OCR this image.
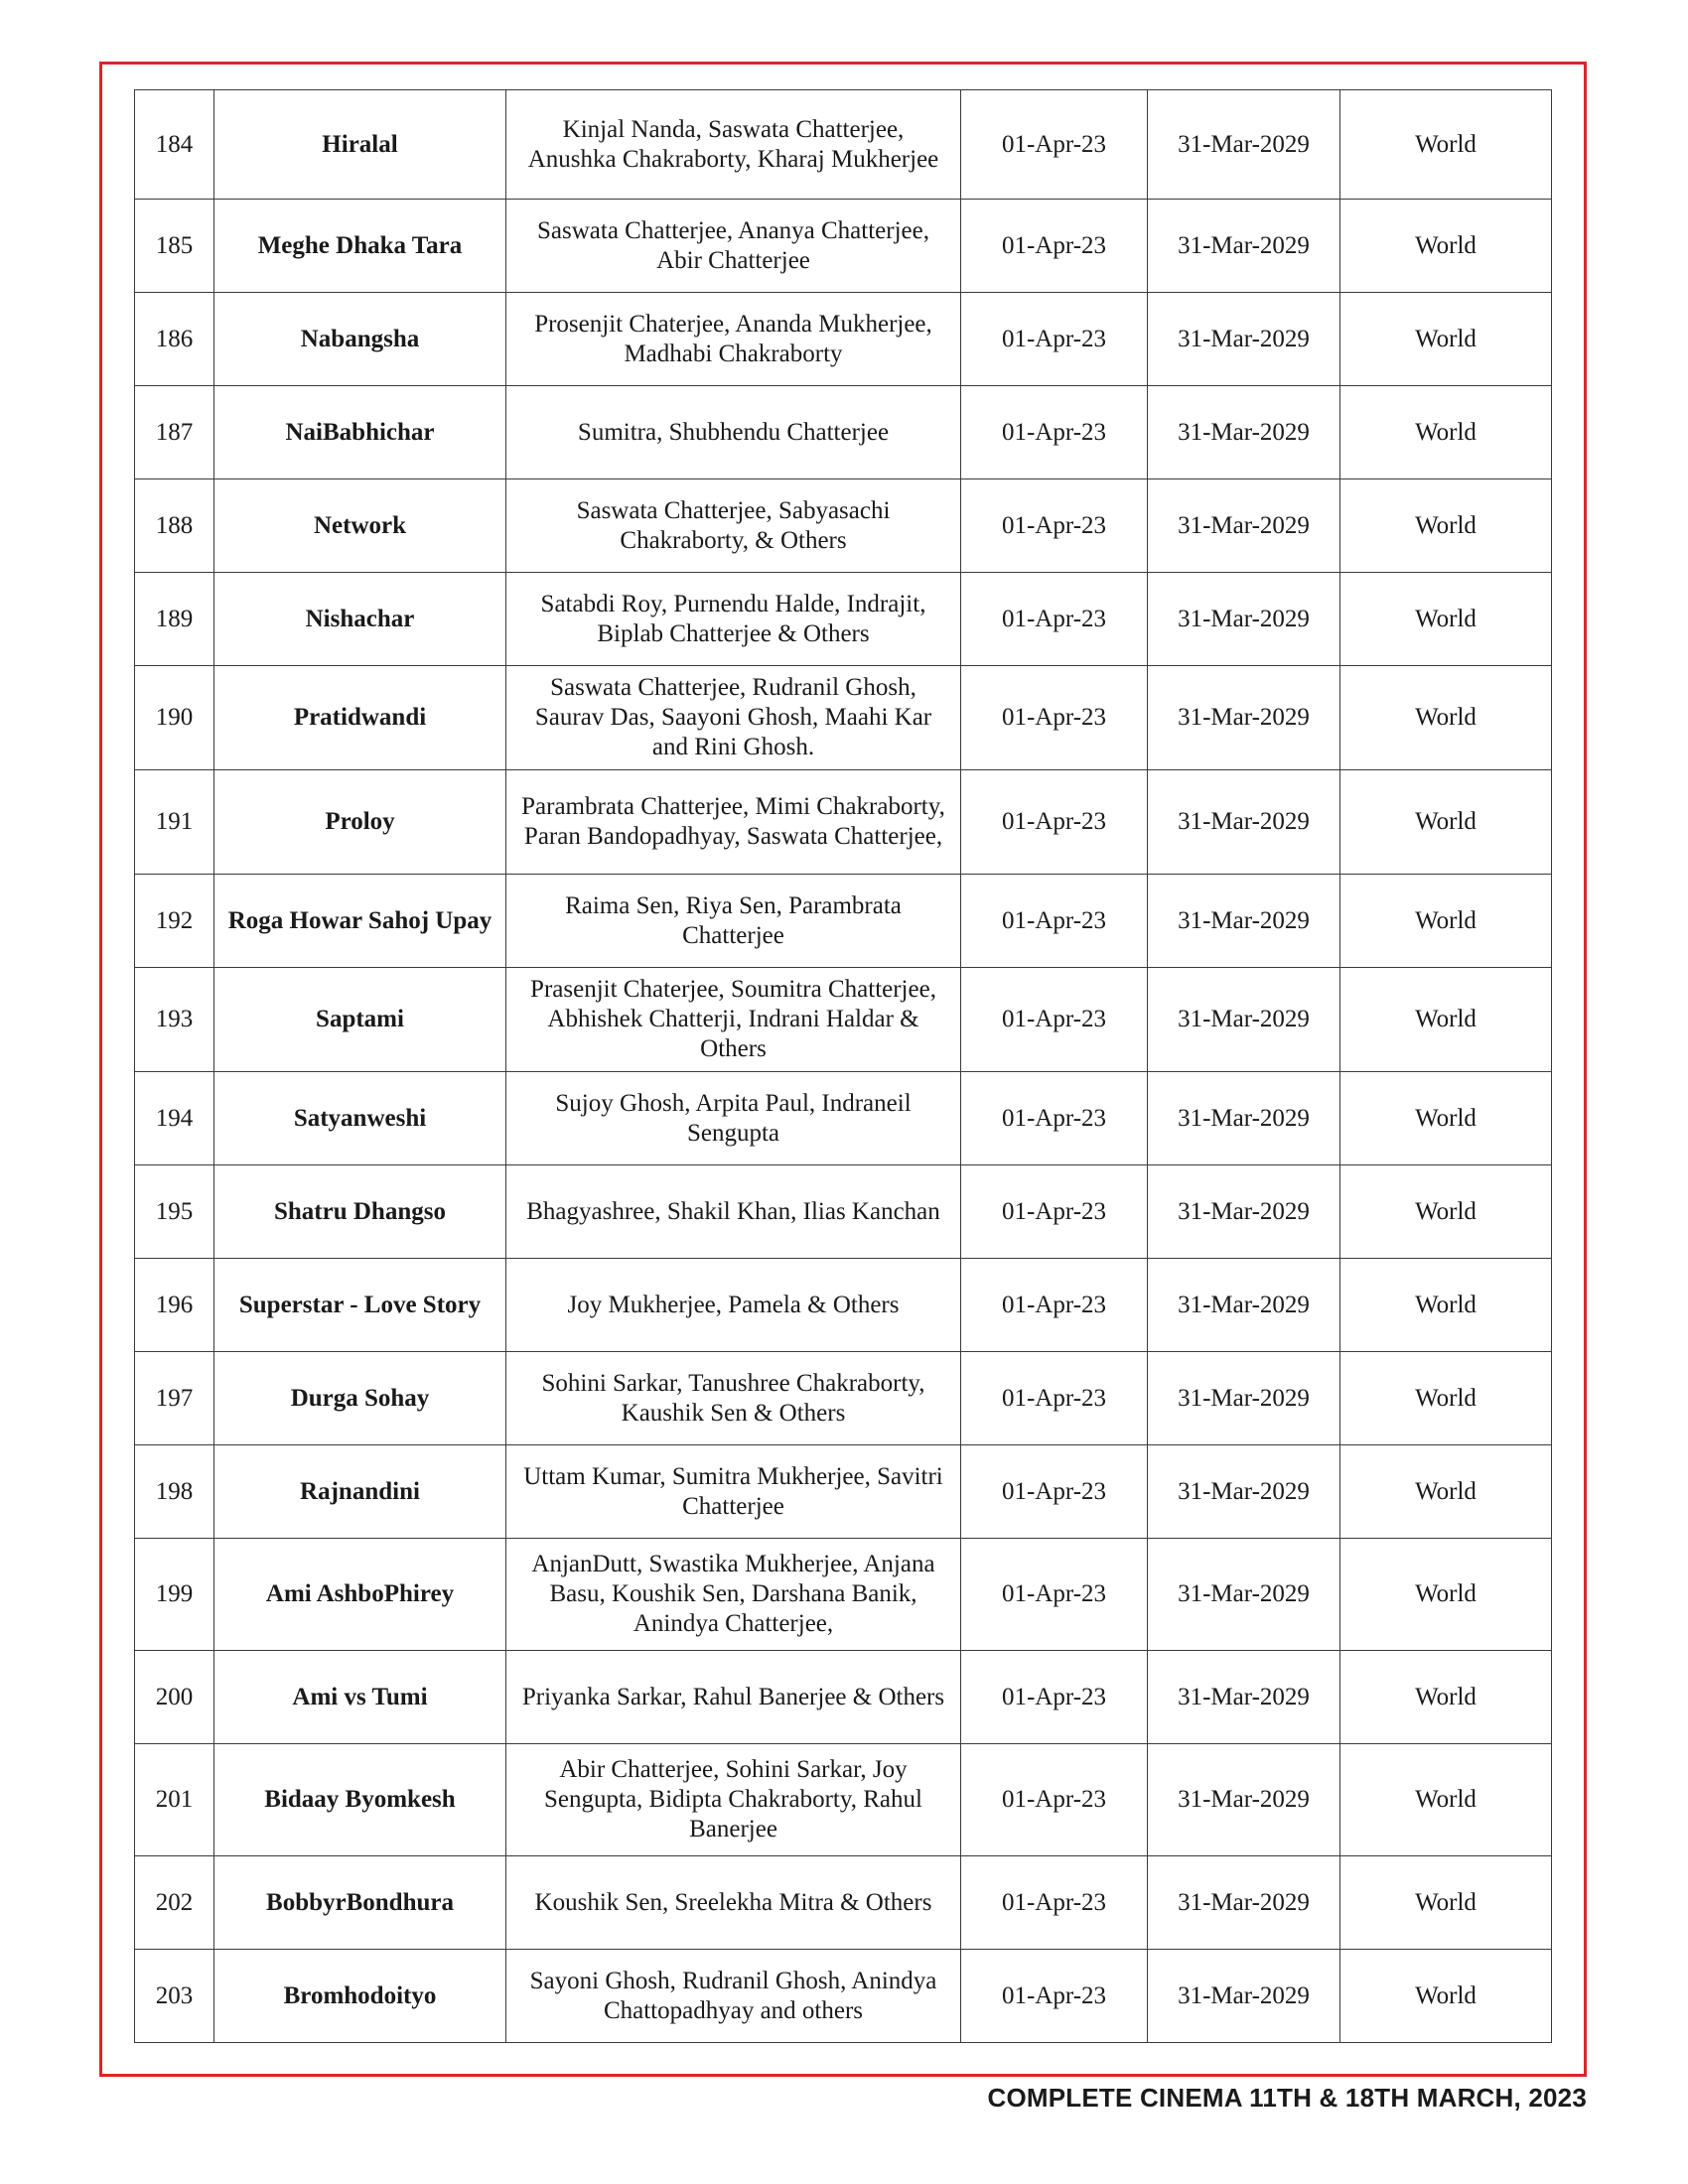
184	Hiralal	Kinjal Nanda, Saswata Chatterjee, Anushka Chakraborty, Kharaj Mukherjee	01-Apr-23	31-Mar-2029	World
185	Meghe Dhaka Tara	Saswata Chatterjee, Ananya Chatterjee, Abir Chatterjee	01-Apr-23	31-Mar-2029	World
186	Nabangsha	Prosenjit Chaterjee, Ananda Mukherjee, Madhabi Chakraborty	01-Apr-23	31-Mar-2029	World
187	NaiBabhichar	Sumitra, Shubhendu Chatterjee	01-Apr-23	31-Mar-2029	World
188	Network	Saswata Chatterjee, Sabyasachi Chakraborty, & Others	01-Apr-23	31-Mar-2029	World
189	Nishachar	Satabdi Roy, Purnendu Halde, Indrajit, Biplab Chatterjee & Others	01-Apr-23	31-Mar-2029	World
190	Pratidwandi	Saswata Chatterjee, Rudranil Ghosh, Saurav Das, Saayoni Ghosh, Maahi Kar and Rini Ghosh.	01-Apr-23	31-Mar-2029	World
191	Proloy	Parambrata Chatterjee, Mimi Chakraborty, Paran Bandopadhyay, Saswata Chatterjee,	01-Apr-23	31-Mar-2029	World
192	Roga Howar Sahoj Upay	Raima Sen, Riya Sen, Parambrata Chatterjee	01-Apr-23	31-Mar-2029	World
193	Saptami	Prasenjit Chaterjee, Soumitra Chatterjee, Abhishek Chatterji, Indrani Haldar & Others	01-Apr-23	31-Mar-2029	World
194	Satyanweshi	Sujoy Ghosh, Arpita Paul, Indraneil Sengupta	01-Apr-23	31-Mar-2029	World
195	Shatru Dhangso	Bhagyashree, Shakil Khan, Ilias Kanchan	01-Apr-23	31-Mar-2029	World
196	Superstar - Love Story	Joy Mukherjee, Pamela & Others	01-Apr-23	31-Mar-2029	World
197	Durga Sohay	Sohini Sarkar, Tanushree Chakraborty, Kaushik Sen & Others	01-Apr-23	31-Mar-2029	World
198	Rajnandini	Uttam Kumar, Sumitra Mukherjee, Savitri Chatterjee	01-Apr-23	31-Mar-2029	World
199	Ami AshboPhirey	AnjanDutt, Swastika Mukherjee, Anjana Basu, Koushik Sen, Darshana Banik, Anindya Chatterjee,	01-Apr-23	31-Mar-2029	World
200	Ami vs Tumi	Priyanka Sarkar, Rahul Banerjee & Others	01-Apr-23	31-Mar-2029	World
201	Bidaay Byomkesh	Abir Chatterjee, Sohini Sarkar, Joy Sengupta, Bidipta Chakraborty, Rahul Banerjee	01-Apr-23	31-Mar-2029	World
202	BobbyrBondhura	Koushik Sen, Sreelekha Mitra & Others	01-Apr-23	31-Mar-2029	World
203	Bromhodoityo	Sayoni Ghosh, Rudranil Ghosh, Anindya Chattopadhyay and others	01-Apr-23	31-Mar-2029	World
COMPLETE CINEMA 11TH & 18TH MARCH, 2023
